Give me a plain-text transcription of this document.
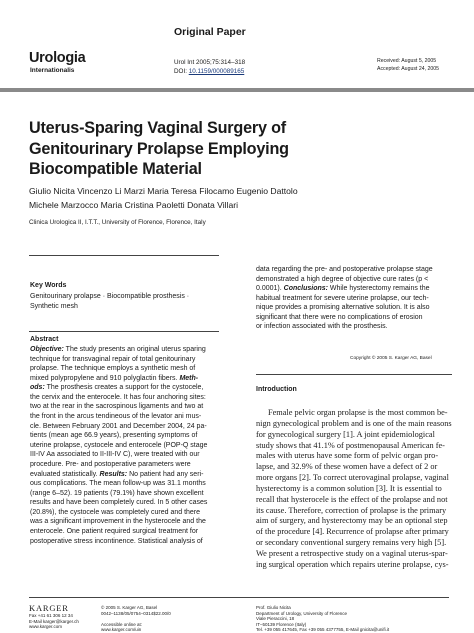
Original Paper
Urologia
Internationalis
Urol Int 2005;75:314–318
DOI: 10.1159/000089165
Received: August 5, 2005
Accepted: August 24, 2005
Uterus-Sparing Vaginal Surgery of
Genitourinary Prolapse Employing
Biocompatible Material
Giulio Nicita Vincenzo Li Marzi Maria Teresa Filocamo Eugenio Dattolo
Michele Marzocco Maria Cristina Paoletti Donata Villari
Clinica Urologica II, I.T.T., University of Florence, Florence, Italy
Key Words
Genitourinary prolapse · Biocompatible prosthesis ·
Synthetic mesh
Abstract
Objective: The study presents an original uterus sparing
technique for transvaginal repair of total genitourinary
prolapse. The technique employs a synthetic mesh of
mixed polypropylene and 910 polyglactin fibers. Meth-
ods: The prosthesis creates a support for the cystocele,
the cervix and the enterocele. It has four anchoring sites:
two at the rear in the sacrospinous ligaments and two at
the front in the arcus tendineous of the levator ani mus-
cle. Between February 2001 and December 2004, 24 pa-
tients (mean age 66.9 years), presenting symptoms of
uterine prolapse, cystocele and enterocele (POP-Q stage
III-IV Aa associated to II-III-IV C), were treated with our
procedure. Pre- and postoperative parameters were
evaluated statistically. Results: No patient had any seri-
ous complications. The mean follow-up was 31.1 months
(range 6–52). 19 patients (79.1%) have shown excellent
results and have been completely cured. In 5 other cases
(20.8%), the cystocele was completely cured and there
was a significant improvement in the hysterocele and the
enterocele. One patient required surgical treatment for
postoperative stress incontinence. Statistical analysis of
data regarding the pre- and postoperative prolapse stage
demonstrated a high degree of objective cure rates (p <
0.0001). Conclusions: While hysterectomy remains the
habitual treatment for severe uterine prolapse, our tech-
nique provides a promising alternative solution. It is also
significant that there were no complications of erosion
or infection associated with the prosthesis.
Copyright © 2005 S. Karger AG, Basel
Introduction
Female pelvic organ prolapse is the most common be-
nign gynecological problem and is one of the main reasons
for gynecological surgery [1]. A joint epidemiological
study shows that 41.1% of postmenopausal American fe-
males with uterus have some form of pelvic organ pro-
lapse, and 32.9% of these women have a defect of 2 or
more organs [2]. To correct uterovaginal prolapse, vaginal
hysterectomy is a common solution [3]. It is essential to
recall that hysterocele is the effect of the prolapse and not
its cause. Therefore, correction of prolapse is the primary
aim of surgery, and hysterectomy may be an optional step
of the procedure [4]. Recurrence of prolapse after primary
or secondary conventional surgery remains very high [5].
We present a retrospective study on a vaginal uterus-spar-
ing surgical operation which repairs uterine prolapse, cys-
KARGER
Fax +41 61 306 12 34
E-Mail karger@karger.ch
www.karger.com
© 2005 S. Karger AG, Basel
0042–1138/05/0754–0314$22.00/0

Accessible online at:
www.karger.com/uin
Prof. Giulio Nicita
Department of Urology, University of Florence
Viale Pieraccini, 18
IT–50139 Florence (Italy)
Tel. +39 055 417645, Fax +39 055 4377755, E-Mail gnicita@unifi.it
